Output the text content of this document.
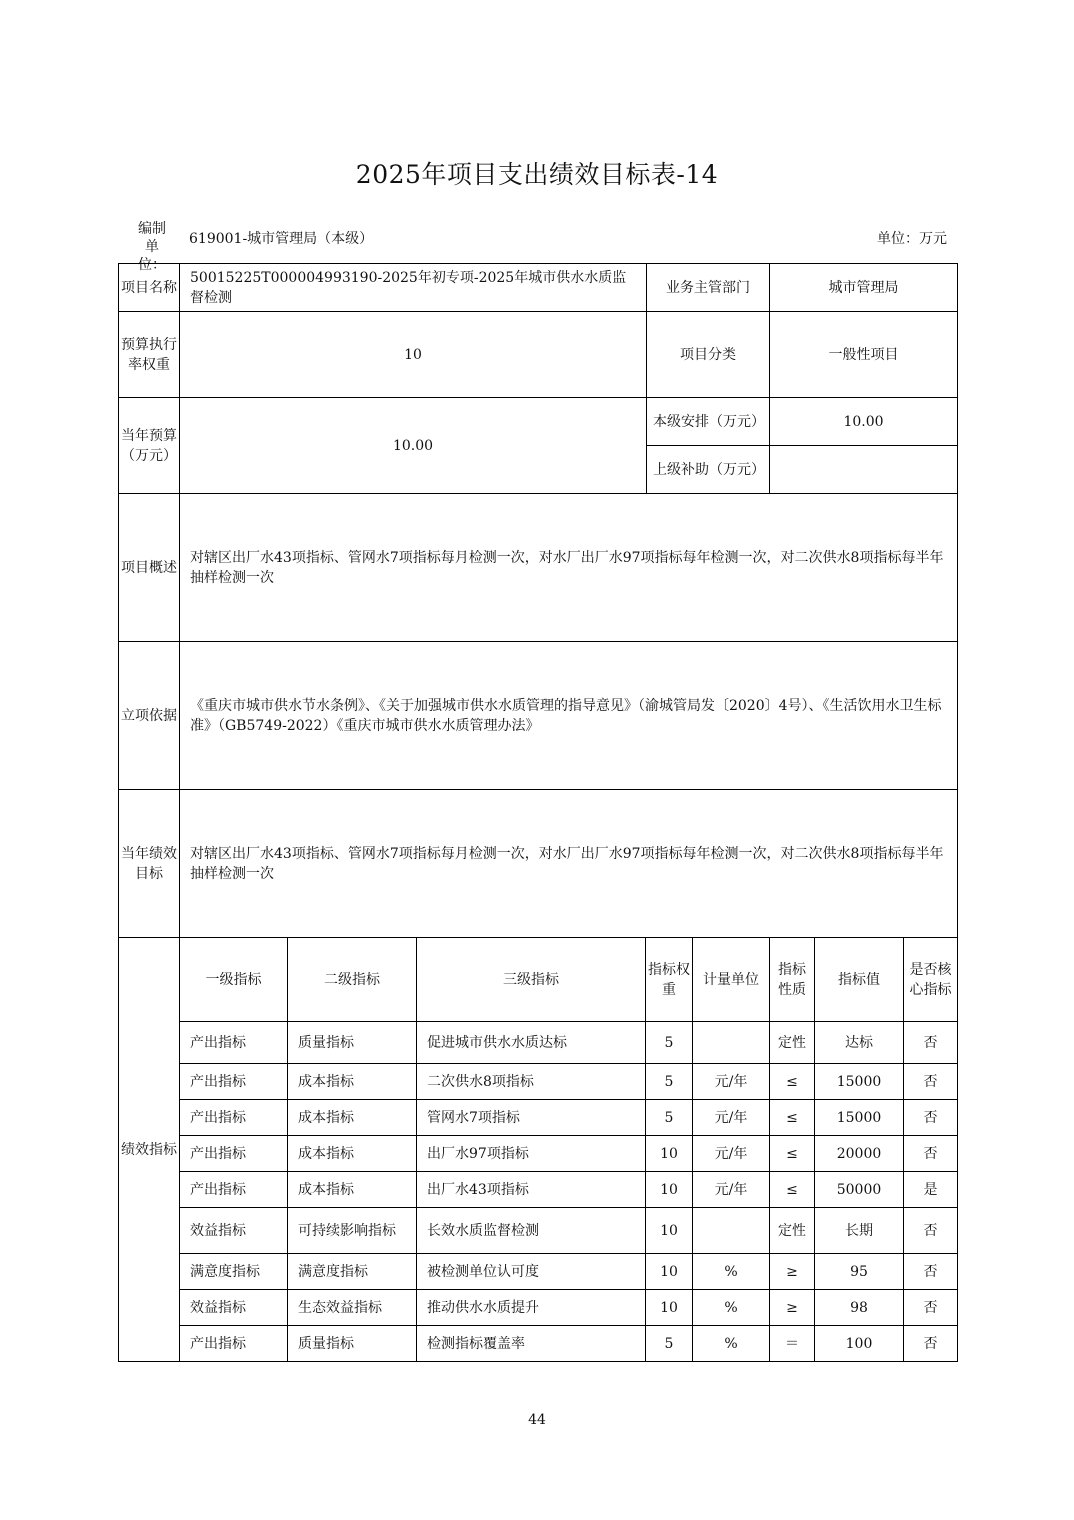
2025年项目支出绩效目标表-14
编制单位：
619001-城市管理局（本级）	单位：万元
项目名称	50015225T000004993190-2025年初专项-2025年城市供水水质监督检测	业务主管部门	城市管理局
预算执行率权重	10	项目分类	一般性项目
当年预算（万元）	10.00	本级安排（万元）	10.00
		上级补助（万元）	
项目概述	对辖区出厂水43项指标、管网水7项指标每月检测一次，对水厂出厂水97项指标每年检测一次，对二次供水8项指标每半年抽样检测一次		
立项依据	《重庆市城市供水节水条例》、《关于加强城市供水水质管理的指导意见》（渝城管局发〔2020〕4号）、《生活饮用水卫生标准》（GB5749-2022）《重庆市城市供水水质管理办法》		
当年绩效目标	对辖区出厂水43项指标、管网水7项指标每月检测一次，对水厂出厂水97项指标每年检测一次，对二次供水8项指标每半年抽样检测一次		
绩效指标	一级指标	二级指标	三级指标	指标权重	计量单位	指标性质	指标值	是否核心指标
	产出指标	质量指标	促进城市供水水质达标	5		定性	达标	否
	产出指标	成本指标	二次供水8项指标	5	元/年	≤	15000	否
	产出指标	成本指标	管网水7项指标	5	元/年	≤	15000	否
	产出指标	成本指标	出厂水97项指标	10	元/年	≤	20000	否
	产出指标	成本指标	出厂水43项指标	10	元/年	≤	50000	是
	效益指标	可持续影响指标	长效水质监督检测	10		定性	长期	否
	满意度指标	满意度指标	被检测单位认可度	10	%	≥	95	否
	效益指标	生态效益指标	推动供水水质提升	10	%	≥	98	否
	产出指标	质量指标	检测指标覆盖率	5	%	＝	100	否
44
